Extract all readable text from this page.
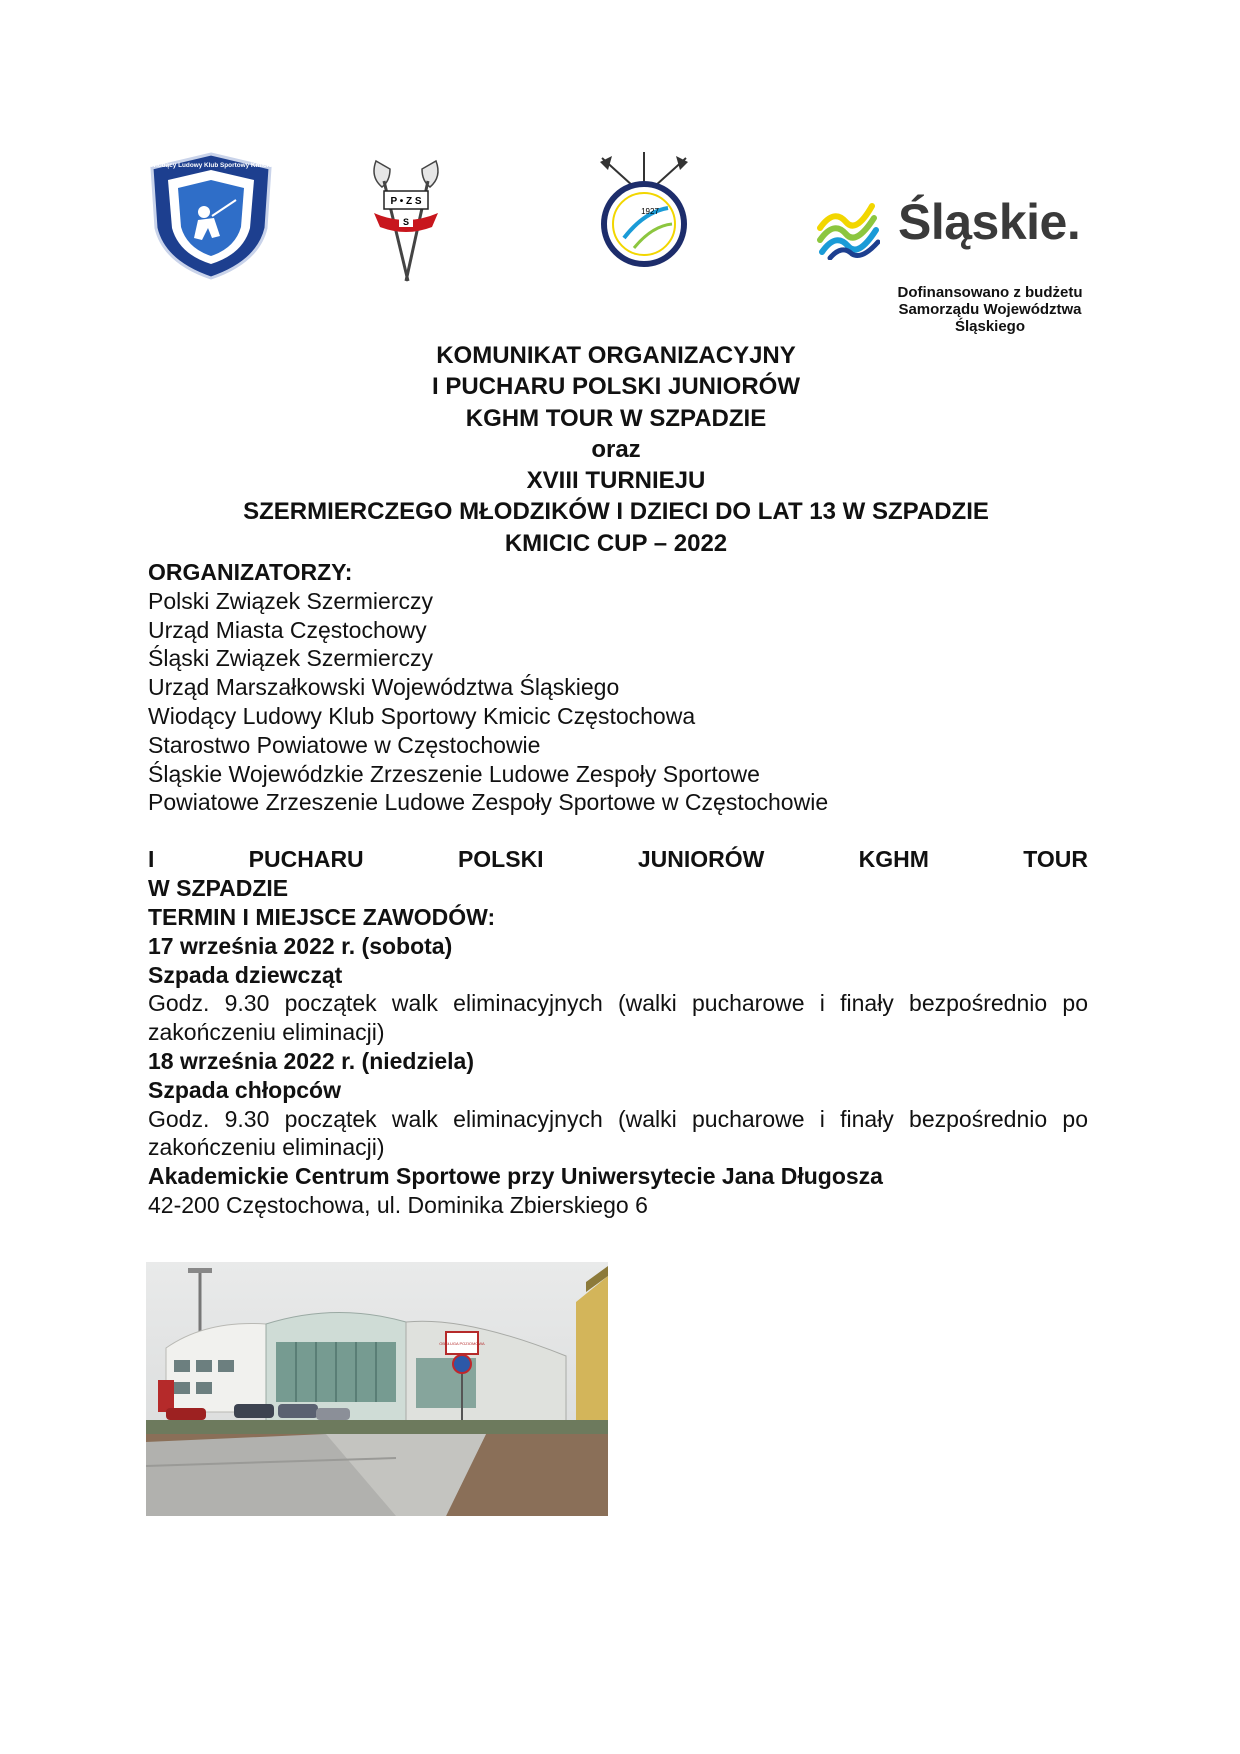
Wiodący Ludowy Klub Sportowy Kmicic
P • Z S
S
1927	Śląskie.
Dofinansowano z budżetu
Samorządu Województwa
Śląskiego
KOMUNIKAT ORGANIZACYJNY
I PUCHARU POLSKI JUNIORÓW
KGHM TOUR W SZPADZIE
oraz
XVIII TURNIEJU
SZERMIERCZEGO MŁODZIKÓW I DZIECI DO LAT 13 W SZPADZIE
KMICIC CUP – 2022
ORGANIZATORZY:
Polski Związek Szermierczy
Urząd Miasta Częstochowy
Śląski Związek Szermierczy
Urząd Marszałkowski Województwa Śląskiego
Wiodący Ludowy Klub Sportowy Kmicic Częstochowa
Starostwo Powiatowe w Częstochowie
Śląskie Wojewódzkie Zrzeszenie Ludowe Zespoły Sportowe
Powiatowe Zrzeszenie Ludowe Zespoły Sportowe w Częstochowie
I	PUCHARU	POLSKI	JUNIORÓW	KGHM	TOUR
W SZPADZIE
TERMIN I MIEJSCE ZAWODÓW:
17 września 2022 r. (sobota)
Szpada dziewcząt
Godz. 9.30 początek walk eliminacyjnych (walki pucharowe i finały bezpośrednio po zakończeniu eliminacji)
18 września 2022 r. (niedziela)
Szpada chłopców
Godz. 9.30 początek walk eliminacyjnych (walki pucharowe i finały bezpośrednio po zakończeniu eliminacji)
Akademickie Centrum Sportowe przy Uniwersytecie Jana Długosza
42-200 Częstochowa, ul. Dominika Zbierskiego 6
OBSŁUGA POZIOMOWA
